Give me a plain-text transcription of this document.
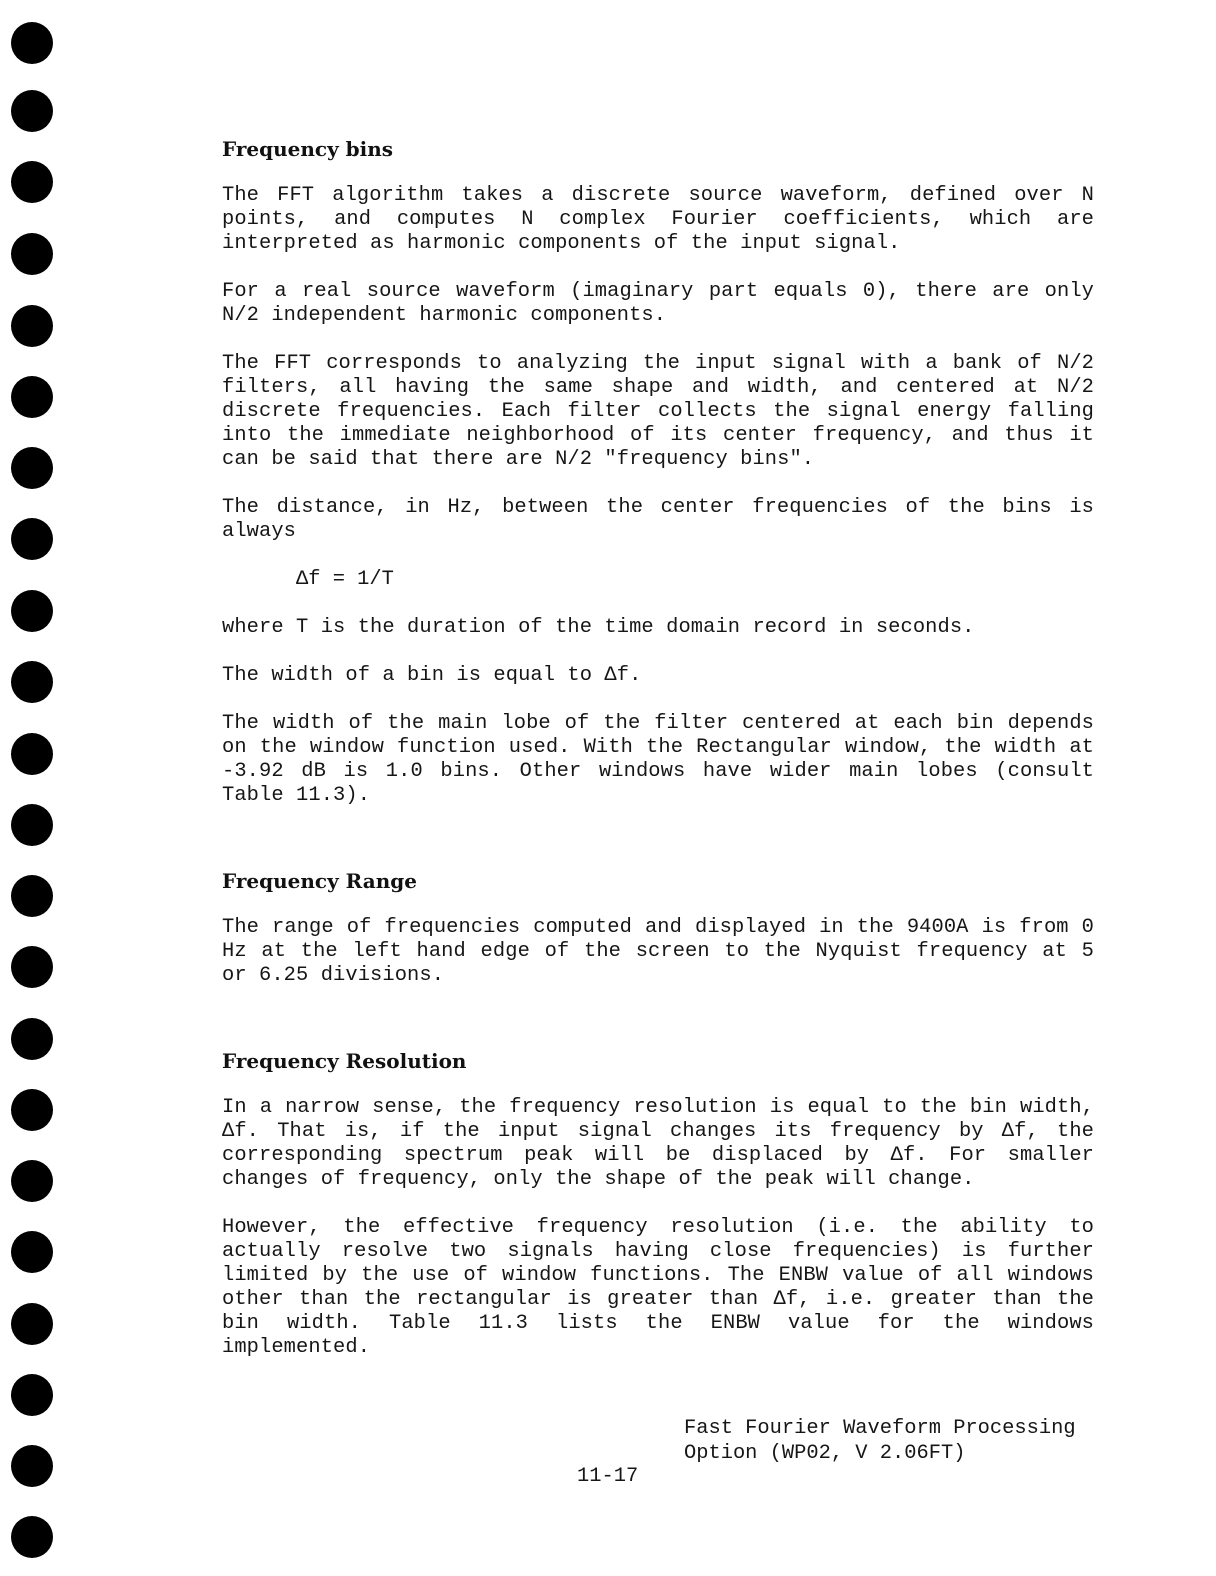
Frequency bins

The FFT algorithm takes a discrete source waveform, defined over N points, and computes N complex Fourier coefficients, which are interpreted as harmonic components of the input signal.

For a real source waveform (imaginary part equals 0), there are only N/2 independent harmonic components.

The FFT corresponds to analyzing the input signal with a bank of N/2 filters, all having the same shape and width, and centered at N/2 discrete frequencies. Each filter collects the signal energy falling into the immediate neighborhood of its center frequency, and thus it can be said that there are N/2 "frequency bins".

The distance, in Hz, between the center frequencies of the bins is always

Δf = 1/T

where T is the duration of the time domain record in seconds.

The width of a bin is equal to Δf.

The width of the main lobe of the filter centered at each bin depends on the window function used. With the Rectangular window, the width at -3.92 dB is 1.0 bins. Other windows have wider main lobes (consult Table 11.3).

Frequency Range

The range of frequencies computed and displayed in the 9400A is from 0 Hz at the left hand edge of the screen to the Nyquist frequency at 5 or 6.25 divisions.

Frequency Resolution

In a narrow sense, the frequency resolution is equal to the bin width, Δf. That is, if the input signal changes its frequency by Δf, the corresponding spectrum peak will be displaced by Δf. For smaller changes of frequency, only the shape of the peak will change.

However, the effective frequency resolution (i.e. the ability to actually resolve two signals having close frequencies) is further limited by the use of window functions. The ENBW value of all windows other than the rectangular is greater than Δf, i.e. greater than the bin width. Table 11.3 lists the ENBW value for the windows implemented.

Fast Fourier Waveform Processing
Option (WP02, V 2.06FT)
11-17
